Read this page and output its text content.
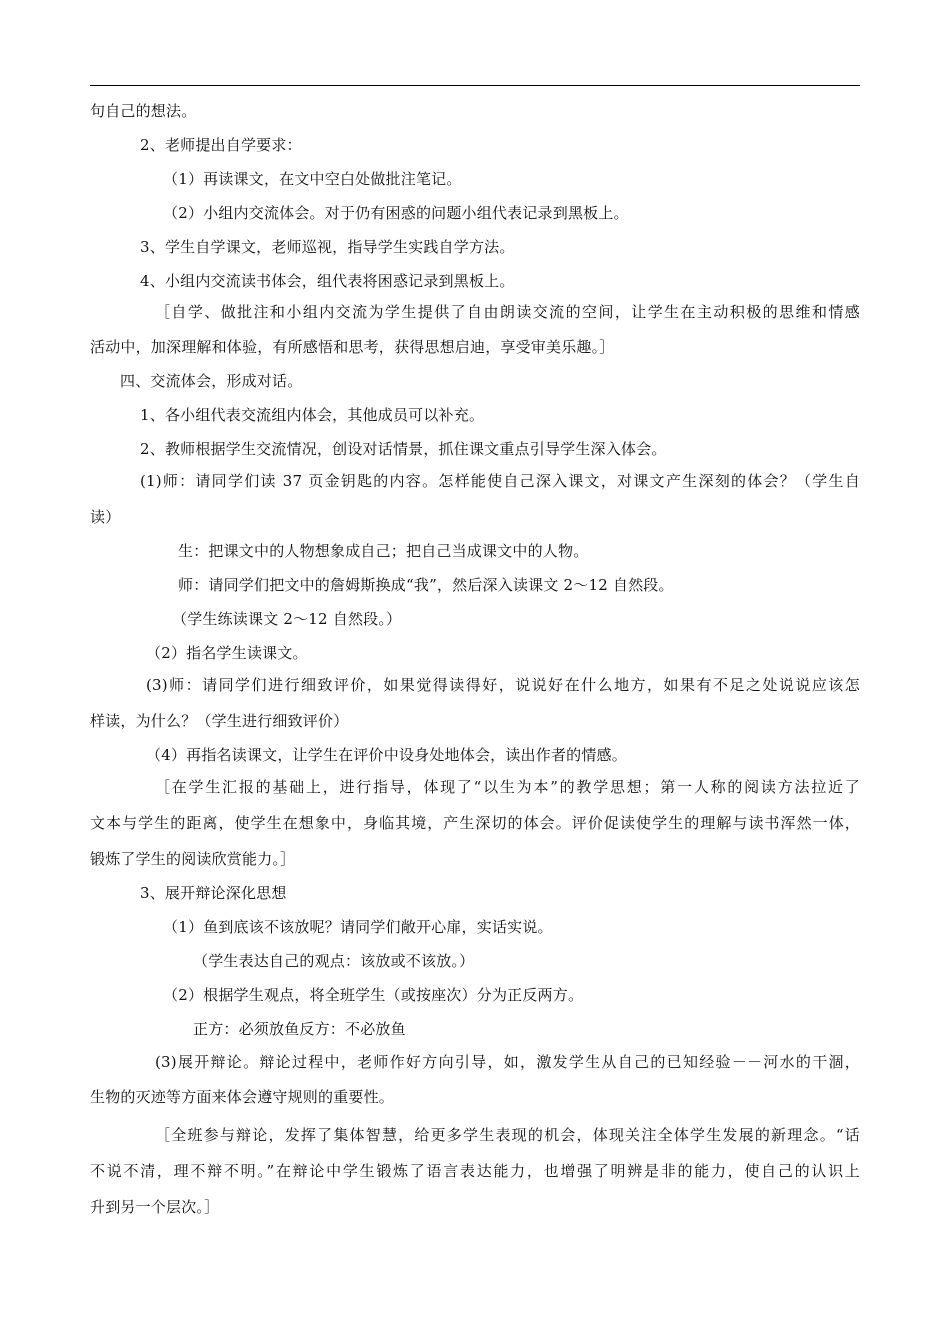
句自己的想法。
2、老师提出自学要求：
（1）再读课文，在文中空白处做批注笔记。
（2）小组内交流体会。对于仍有困惑的问题小组代表记录到黑板上。
3、学生自学课文，老师巡视，指导学生实践自学方法。
4、小组内交流读书体会，组代表将困惑记录到黑板上。
［自学、做批注和小组内交流为学生提供了自由朗读交流的空间，让学生在主动积极的思维和情感
活动中，加深理解和体验，有所感悟和思考，获得思想启迪，享受审美乐趣。］
四、交流体会，形成对话。
1、各小组代表交流组内体会，其他成员可以补充。
2、教师根据学生交流情况，创设对话情景，抓住课文重点引导学生深入体会。
(1)师：请同学们读 37 页金钥匙的内容。怎样能使自己深入课文，对课文产生深刻的体会？（学生自
读）
生：把课文中的人物想象成自己；把自己当成课文中的人物。
师：请同学们把文中的詹姆斯换成“我”，然后深入读课文 2～12 自然段。
（学生练读课文 2～12 自然段。）
（2）指名学生读课文。
(3)师：请同学们进行细致评价，如果觉得读得好，说说好在什么地方，如果有不足之处说说应该怎
样读，为什么？（学生进行细致评价）
（4）再指名读课文，让学生在评价中设身处地体会，读出作者的情感。
［在学生汇报的基础上，进行指导，体现了“以生为本”的教学思想；第一人称的阅读方法拉近了
文本与学生的距离，使学生在想象中，身临其境，产生深切的体会。评价促读使学生的理解与读书浑然一体，
锻炼了学生的阅读欣赏能力。］
3、展开辩论深化思想
（1）鱼到底该不该放呢？请同学们敞开心扉，实话实说。
（学生表达自己的观点：该放或不该放。）
（2）根据学生观点，将全班学生（或按座次）分为正反两方。
正方：必须放鱼反方：不必放鱼
(3)展开辩论。辩论过程中，老师作好方向引导，如，激发学生从自己的已知经验－－河水的干涸，
生物的灭迹等方面来体会遵守规则的重要性。
［全班参与辩论，发挥了集体智慧，给更多学生表现的机会，体现关注全体学生发展的新理念。“话
不说不清，理不辩不明。”在辩论中学生锻炼了语言表达能力，也增强了明辨是非的能力，使自己的认识上
升到另一个层次。］
